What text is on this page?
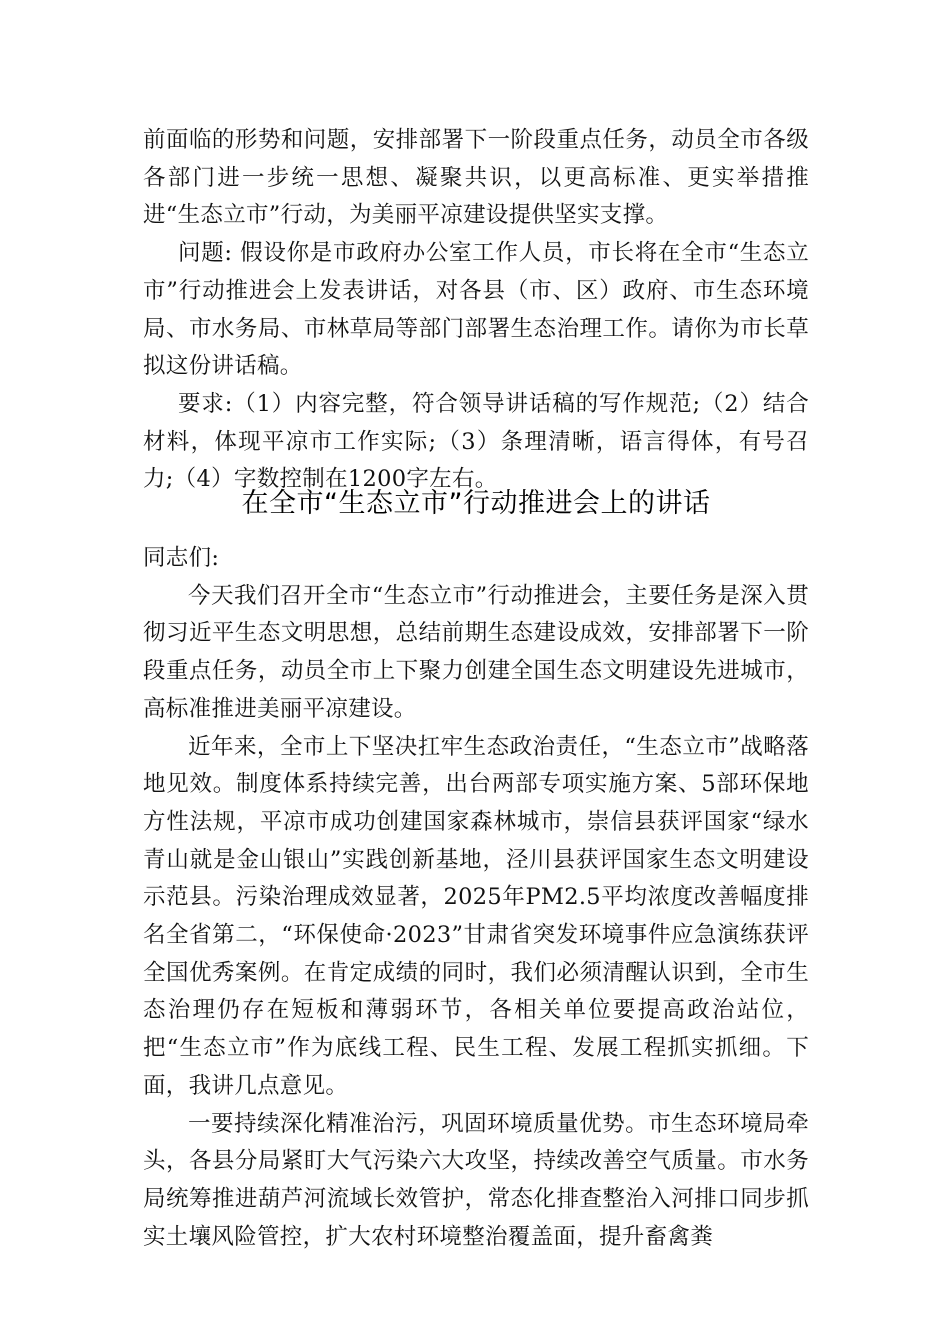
前面临的形势和问题，安排部署下一阶段重点任务，动员全市各级各部门进一步统一思想、凝聚共识，以更高标准、更实举措推进“生态立市”行动，为美丽平凉建设提供坚实支撑。

问题: 假设你是市政府办公室工作人员，市长将在全市“生态立市”行动推进会上发表讲话，对各县（市、区）政府、市生态环境局、市水务局、市林草局等部门部署生态治理工作。请你为市长草拟这份讲话稿。

要求:（1）内容完整，符合领导讲话稿的写作规范;（2）结合材料，体现平凉市工作实际;（3）条理清晰，语言得体，有号召力;（4）字数控制在1200字左右。

在全市“生态立市”行动推进会上的讲话

同志们:

今天我们召开全市“生态立市”行动推进会，主要任务是深入贯彻习近平生态文明思想，总结前期生态建设成效，安排部署下一阶段重点任务，动员全市上下聚力创建全国生态文明建设先进城市，高标准推进美丽平凉建设。

近年来，全市上下坚决扛牢生态政治责任，“生态立市”战略落地见效。制度体系持续完善，出台两部专项实施方案、5部环保地方性法规，平凉市成功创建国家森林城市，崇信县获评国家“绿水青山就是金山银山”实践创新基地，泾川县获评国家生态文明建设示范县。污染治理成效显著，2025年PM2.5平均浓度改善幅度排名全省第二，“环保使命·2023”甘肃省突发环境事件应急演练获评全国优秀案例。在肯定成绩的同时，我们必须清醒认识到，全市生态治理仍存在短板和薄弱环节，各相关单位要提高政治站位，把“生态立市”作为底线工程、民生工程、发展工程抓实抓细。下面，我讲几点意见。

一要持续深化精准治污，巩固环境质量优势。市生态环境局牵头，各县分局紧盯大气污染六大攻坚，持续改善空气质量。市水务局统筹推进葫芦河流域长效管护，常态化排查整治入河排口同步抓实土壤风险管控，扩大农村环境整治覆盖面，提升畜禽粪
